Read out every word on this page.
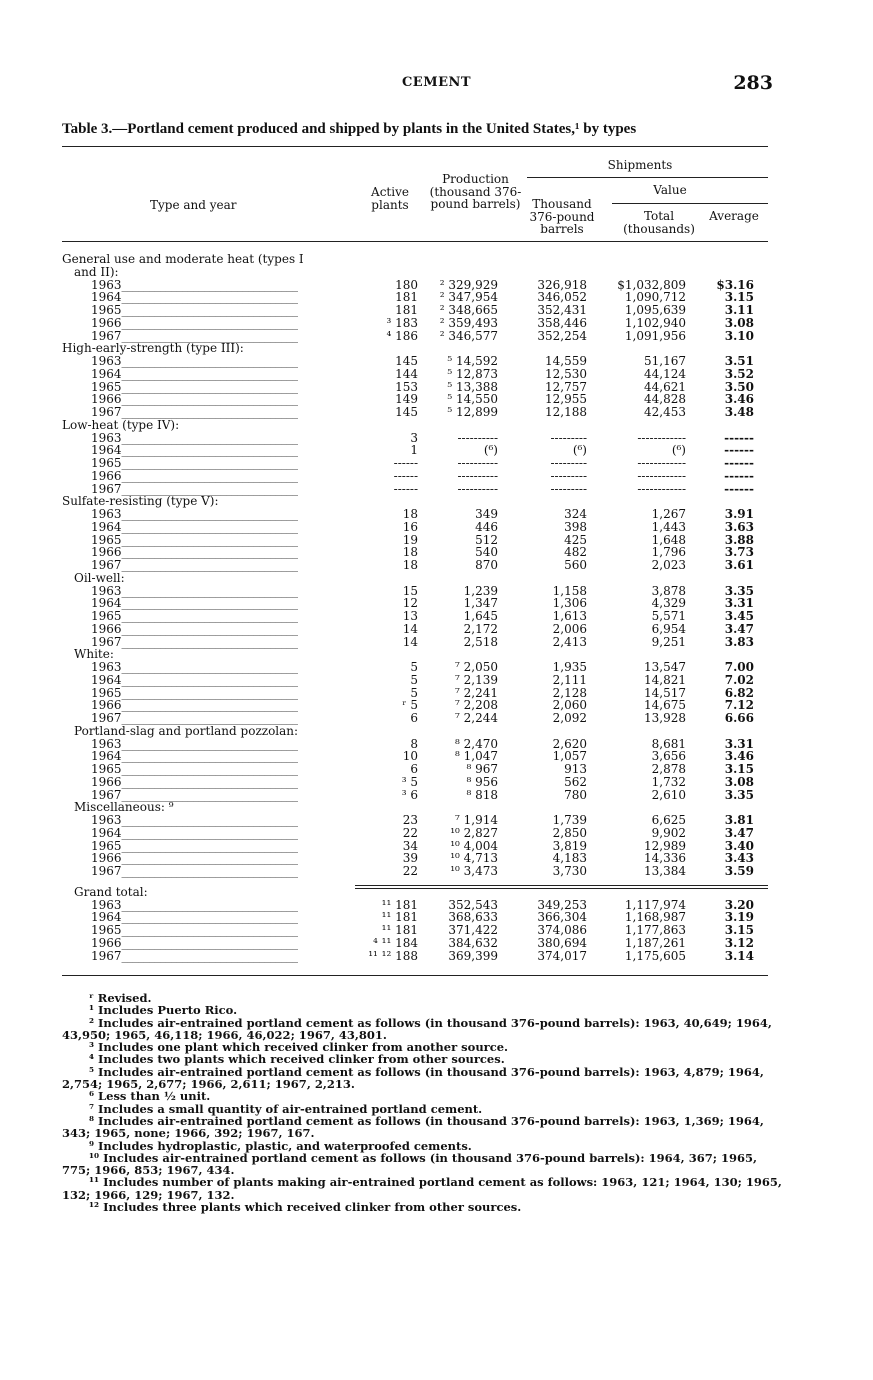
CEMENT	283
Table 3.—Portland cement produced and shipped by plants in the United States,¹ by types
Type and year
Active plants
Production (thousand 376-pound barrels)
Shipments
Value
Thousand 376-pound barrels
Total (thousands)
Average
General use and moderate heat (types I
and II):
1963 _____	180 ² 329,929	326,918	$1,032,809	$3.16
1964 _____	181 ² 347,954	346,052	1,090,712	3.15
1965 _____	181 ² 348,665	352,431	1,095,639	3.11
1966 _____	³ 183 ² 359,493	358,446	1,102,940	3.08
1967 _____	⁴ 186 ² 346,577	352,254	1,091,956	3.10
High-early-strength (type III):
1963 _____	145 ⁵ 14,592	14,559	51,167	3.51
1964 _____	144 ⁵ 12,873	12,530	44,124	3.52
1965 _____	153 ⁵ 13,388	12,757	44,621	3.50
1966 _____	149 ⁵ 14,550	12,955	44,828	3.46
1967 _____	145 ⁵ 12,899	12,188	42,453	3.48
Low-heat (type IV):
1963 _____	3	----------	---------	------------	------
1964 _____	1	(⁶)	(⁶)	(⁶)	------
1965 _____	------	----------	---------	------------	------
1966 _____	------	----------	---------	------------	------
1967 _____	------	----------	---------	------------	------
Sulfate-resisting (type V):
1963 _____	18	349	324	1,267	3.91
1964 _____	16	446	398	1,443	3.63
1965 _____	19	512	425	1,648	3.88
1966 _____	18	540	482	1,796	3.73
1967 _____	18	870	560	2,023	3.61
Oil-well:
1963 _____	15	1,239	1,158	3,878	3.35
1964 _____	12	1,347	1,306	4,329	3.31
1965 _____	13	1,645	1,613	5,571	3.45
1966 _____	14	2,172	2,006	6,954	3.47
1967 _____	14	2,518	2,413	9,251	3.83
White:
1963 _____	5	⁷ 2,050	1,935	13,547	7.00
1964 _____	5	⁷ 2,139	2,111	14,821	7.02
1965 _____	5	⁷ 2,241	2,128	14,517	6.82
1966 _____	ʳ 5	⁷ 2,208	2,060	14,675	7.12
1967 _____	6	⁷ 2,244	2,092	13,928	6.66
Portland-slag and portland pozzolan:
1963 _____	8	⁸ 2,470	2,620	8,681	3.31
1964 _____	10	⁸ 1,047	1,057	3,656	3.46
1965 _____	6	⁸ 967	913	2,878	3.15
1966 _____	³ 5	⁸ 956	562	1,732	3.08
1967 _____	³ 6	⁸ 818	780	2,610	3.35
Miscellaneous: ⁹
1963 _____	23	⁷ 1,914	1,739	6,625	3.81
1964 _____	22	¹⁰ 2,827	2,850	9,902	3.47
1965 _____	34	¹⁰ 4,004	3,819	12,989	3.40
1966 _____	39	¹⁰ 4,713	4,183	14,336	3.43
1967 _____	22	¹⁰ 3,473	3,730	13,384	3.59
Grand total:
1963 _____	¹¹ 181	352,543	349,253	1,117,974	3.20
1964 _____	¹¹ 181	368,633	366,304	1,168,987	3.19
1965 _____	¹¹ 181	371,422	374,086	1,177,863	3.15
1966 _____	⁴ ¹¹ 184	384,632	380,694	1,187,261	3.12
1967 _____	¹¹ ¹² 188	369,399	374,017	1,175,605	3.14

ʳ Revised.

¹ Includes Puerto Rico.

² Includes air-entrained portland cement as follows (in thousand 376-pound barrels): 1963, 40,649; 1964, 43,950; 1965, 46,118; 1966, 46,022; 1967, 43,801.

³ Includes one plant which received clinker from another source.

⁴ Includes two plants which received clinker from other sources.

⁵ Includes air-entrained portland cement as follows (in thousand 376-pound barrels): 1963, 4,879; 1964, 2,754; 1965, 2,677; 1966, 2,611; 1967, 2,213.

⁶ Less than ½ unit.

⁷ Includes a small quantity of air-entrained portland cement.

⁸ Includes air-entrained portland cement as follows (in thousand 376-pound barrels): 1963, 1,369; 1964, 343; 1965, none; 1966, 392; 1967, 167.

⁹ Includes hydroplastic, plastic, and waterproofed cements.

¹⁰ Includes air-entrained portland cement as follows (in thousand 376-pound barrels): 1964, 367; 1965, 775; 1966, 853; 1967, 434.

¹¹ Includes number of plants making air-entrained portland cement as follows: 1963, 121; 1964, 130; 1965, 132; 1966, 129; 1967, 132.

¹² Includes three plants which received clinker from other sources.
